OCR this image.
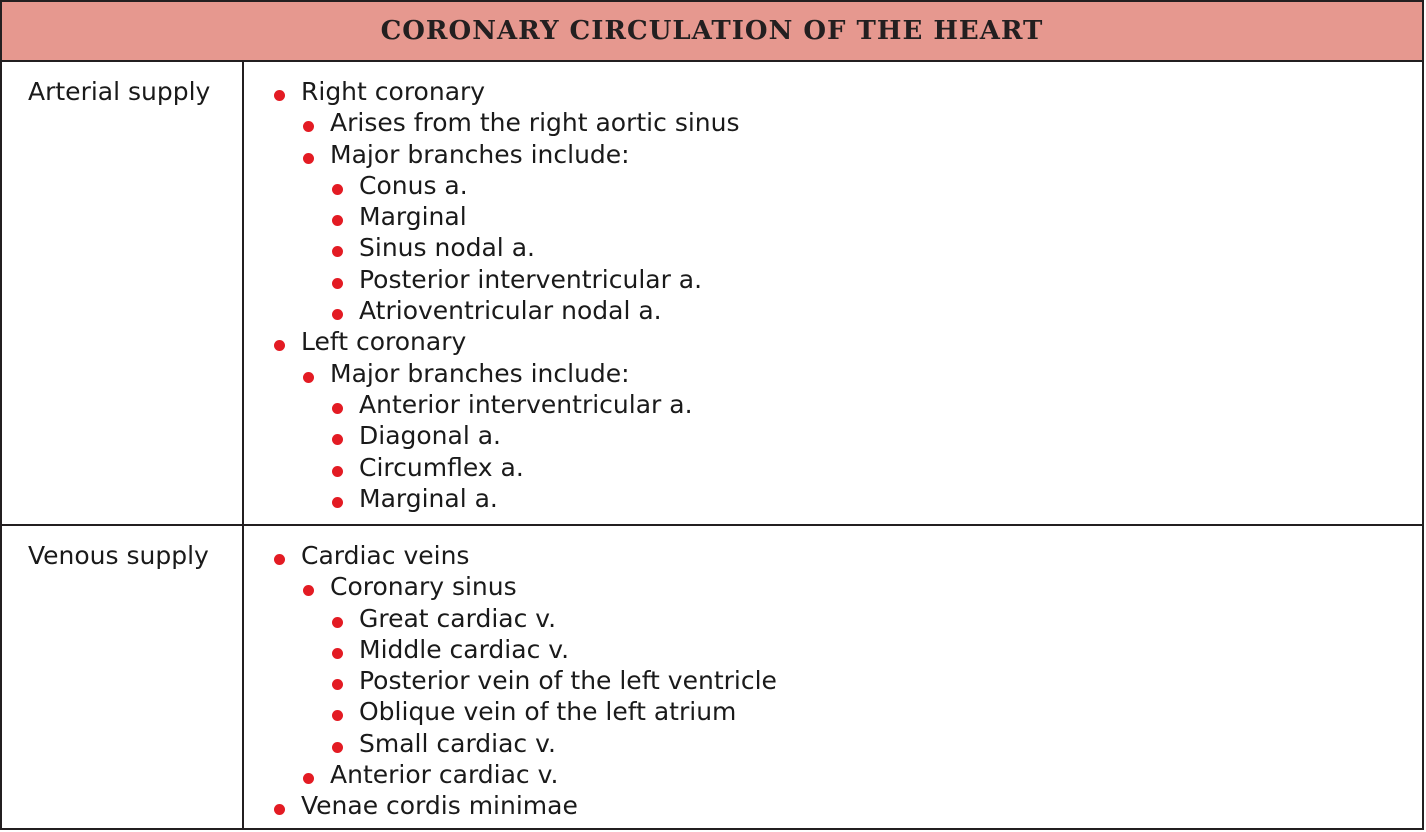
CORONARY CIRCULATION OF THE HEART
Arterial supply	Right coronary
Arises from the right aortic sinus
Major branches include:
Conus a.
Marginal
Sinus nodal a.
Posterior interventricular a.
Atrioventricular nodal a.
Left coronary
Major branches include:
Anterior interventricular a.
Diagonal a.
Circumflex a.
Marginal a.
Venous supply	Cardiac veins
Coronary sinus
Great cardiac v.
Middle cardiac v.
Posterior vein of the left ventricle
Oblique vein of the left atrium
Small cardiac v.
Anterior cardiac v.
Venae cordis minimae
